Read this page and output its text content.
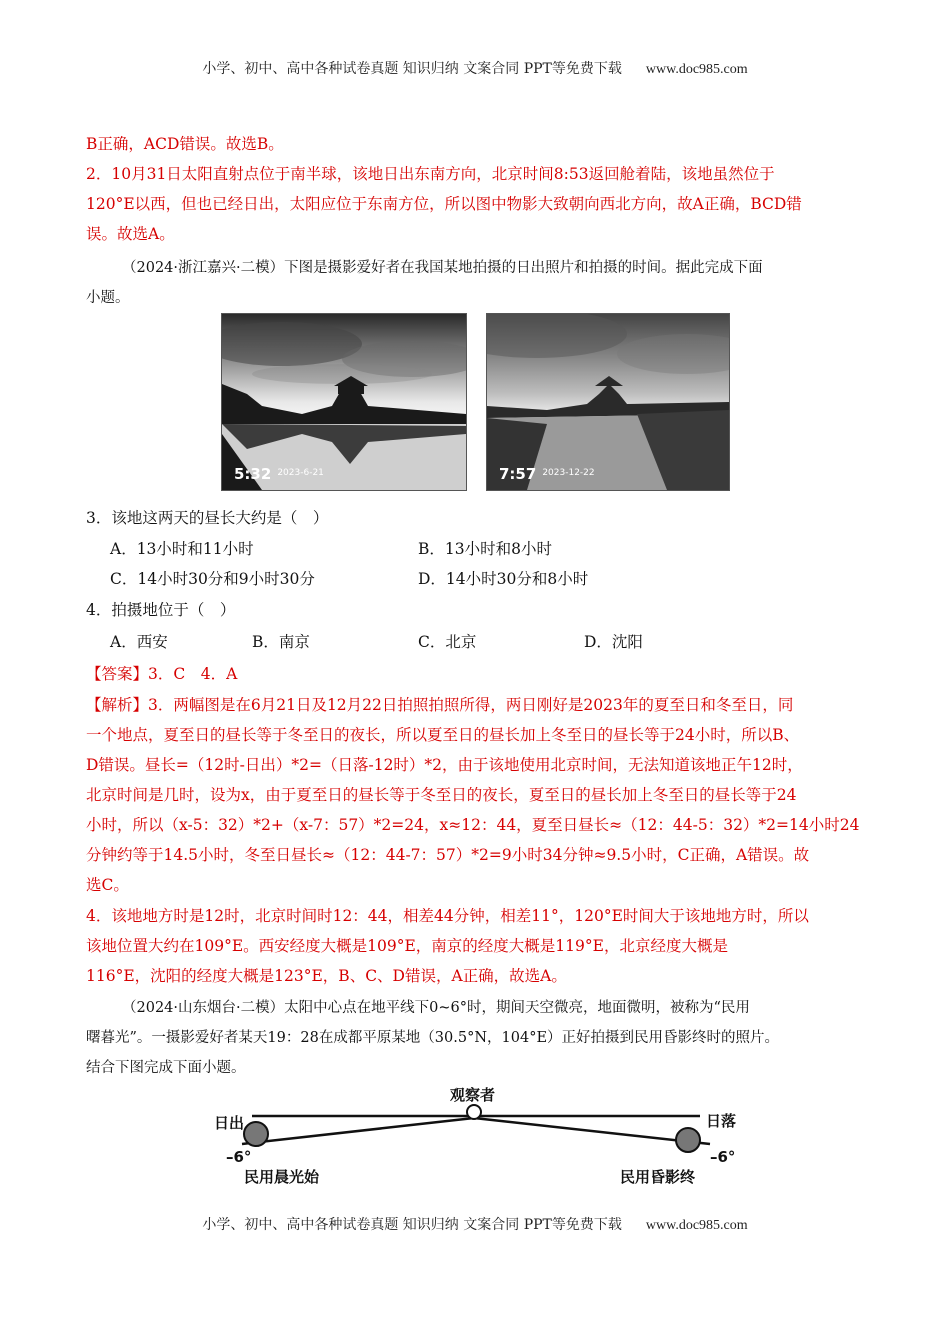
小学、初中、高中各种试卷真题 知识归纳 文案合同 PPT等免费下载 www.doc985.com
B正确，ACD错误。故选B。
2．10月31日太阳直射点位于南半球，该地日出东南方向，北京时间8:53返回舱着陆，该地虽然位于
120°E以西，但也已经日出，太阳应位于东南方位，所以图中物影大致朝向西北方向，故A正确，BCD错
误。故选A。
（2024·浙江嘉兴·二模）下图是摄影爱好者在我国某地拍摄的日出照片和拍摄的时间。据此完成下面
小题。
5:32 $^{2023-6-21}$	7:57 $^{2023-12-22}$
3．该地这两天的昼长大约是（　）
A．13小时和11小时	B．13小时和8小时
C．14小时30分和9小时30分	D．14小时30分和8小时
4．拍摄地位于（　）
A．西安	B．南京	C．北京	D．沈阳
【答案】3．C　4．A
【解析】3．两幅图是在6月21日及12月22日拍照拍照所得，两日刚好是2023年的夏至日和冬至日，同
一个地点，夏至日的昼长等于冬至日的夜长，所以夏至日的昼长加上冬至日的昼长等于24小时，所以B、
D错误。昼长=（12时-日出）*2=（日落-12时）*2，由于该地使用北京时间，无法知道该地正午12时，
北京时间是几时，设为x，由于夏至日的昼长等于冬至日的夜长，夏至日的昼长加上冬至日的昼长等于24
小时，所以（x-5：32）*2+（x-7：57）*2=24，x≈12：44，夏至日昼长≈（12：44-5：32）*2=14小时24
分钟约等于14.5小时，冬至日昼长≈（12：44-7：57）*2=9小时34分钟≈9.5小时，C正确，A错误。故
选C。
4．该地地方时是12时，北京时间时12：44，相差44分钟，相差11°，120°E时间大于该地地方时，所以
该地位置大约在109°E。西安经度大概是109°E，南京的经度大概是119°E，北京经度大概是
116°E，沈阳的经度大概是123°E，B、C、D错误，A正确，故选A。
（2024·山东烟台·二模）太阳中心点在地平线下0~6°时，期间天空微亮，地面微明，被称为“民用
曙暮光”。一摄影爱好者某天19：28在成都平原某地（30.5°N，104°E）正好拍摄到民用昏影终时的照片。
结合下图完成下面小题。
观察者
日出	日落
–6°	–6°
民用晨光始	民用昏影终
小学、初中、高中各种试卷真题 知识归纳 文案合同 PPT等免费下载 www.doc985.com
